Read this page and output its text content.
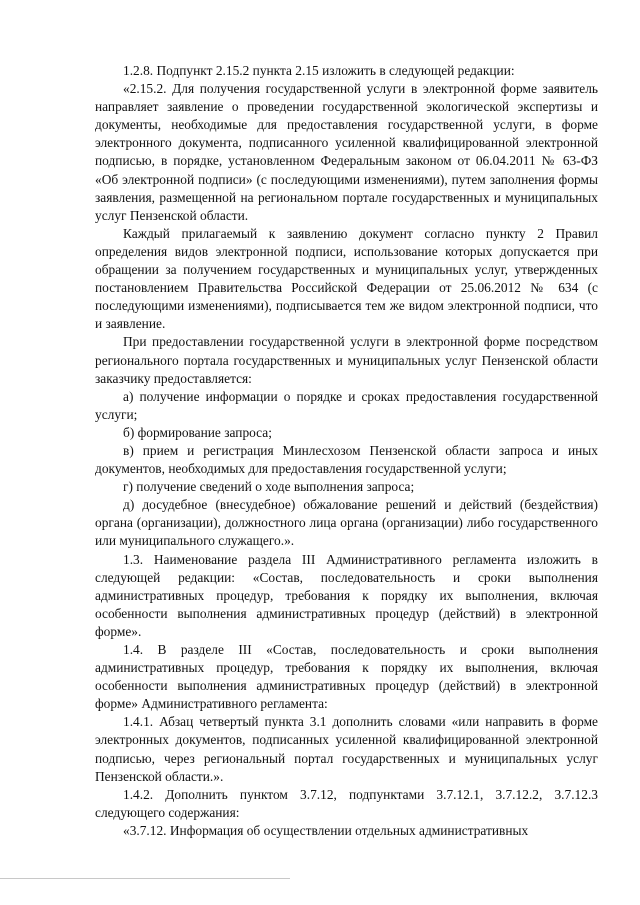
1.2.8. Подпункт 2.15.2 пункта 2.15 изложить в следующей редакции:

«2.15.2. Для получения государственной услуги в электронной форме заявитель направляет заявление о проведении государственной экологической экспертизы и документы, необходимые для предоставления государственной услуги, в форме электронного документа, подписанного усиленной квалифицированной электронной подписью, в порядке, установленном Федеральным законом от 06.04.2011 № 63-ФЗ «Об электронной подписи» (с последующими изменениями), путем заполнения формы заявления, размещенной на региональном портале государственных и муниципальных услуг Пензенской области.

Каждый прилагаемый к заявлению документ согласно пункту 2 Правил определения видов электронной подписи, использование которых допускается при обращении за получением государственных и муниципальных услуг, утвержденных постановлением Правительства Российской Федерации от 25.06.2012 № 634 (с последующими изменениями), подписывается тем же видом электронной подписи, что и заявление.

При предоставлении государственной услуги в электронной форме посредством регионального портала государственных и муниципальных услуг Пензенской области заказчику предоставляется:

а) получение информации о порядке и сроках предоставления государственной услуги;

б) формирование запроса;

в) прием и регистрация Минлесхозом Пензенской области запроса и иных документов, необходимых для предоставления государственной услуги;

г) получение сведений о ходе выполнения запроса;

д) досудебное (внесудебное) обжалование решений и действий (бездействия) органа (организации), должностного лица органа (организации) либо государственного или муниципального служащего.».

1.3. Наименование раздела III Административного регламента изложить в следующей редакции: «Состав, последовательность и сроки выполнения административных процедур, требования к порядку их выполнения, включая особенности выполнения административных процедур (действий) в электронной форме».

1.4. В разделе III «Состав, последовательность и сроки выполнения административных процедур, требования к порядку их выполнения, включая особенности выполнения административных процедур (действий) в электронной форме» Административного регламента:

1.4.1. Абзац четвертый пункта 3.1 дополнить словами «или направить в форме электронных документов, подписанных усиленной квалифицированной электронной подписью, через региональный портал государственных и муниципальных услуг Пензенской области.».

1.4.2. Дополнить пунктом 3.7.12, подпунктами 3.7.12.1, 3.7.12.2, 3.7.12.3 следующего содержания:

«3.7.12. Информация об осуществлении отдельных административных
